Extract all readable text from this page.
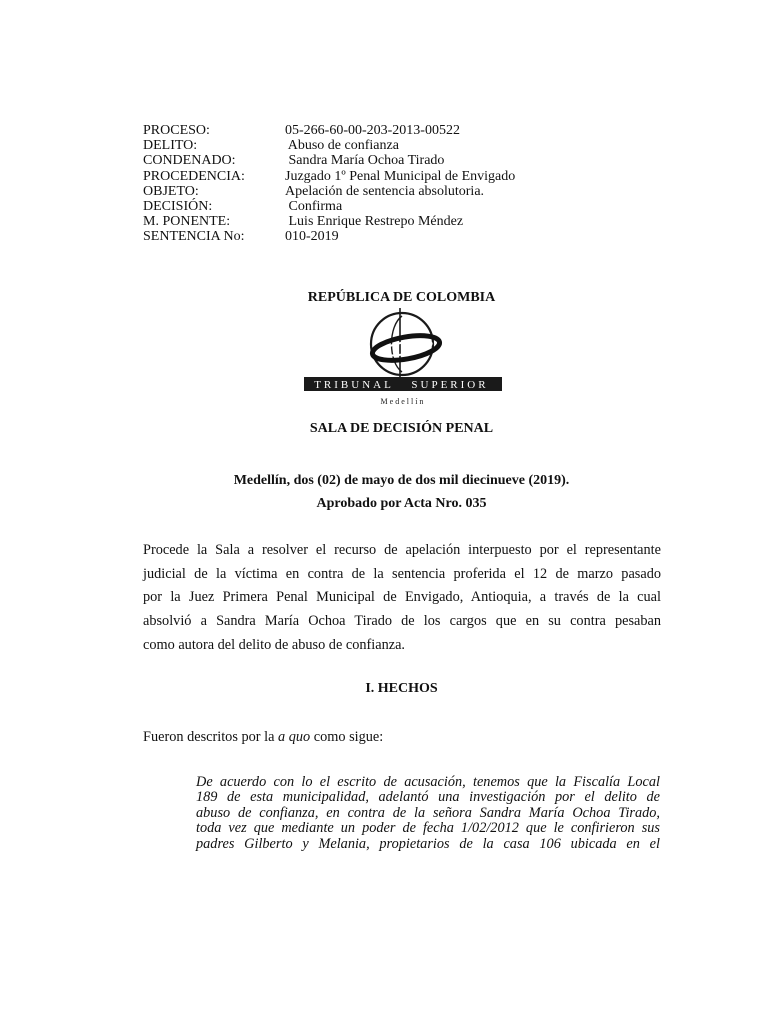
PROCESO:	05-266-60-00-203-2013-00522
DELITO:	Abuso de confianza
CONDENADO:	Sandra María Ochoa Tirado
PROCEDENCIA:	Juzgado 1º Penal Municipal de Envigado
OBJETO:	Apelación de sentencia absolutoria.
DECISIÓN:	Confirma
M. PONENTE:	Luis Enrique Restrepo Méndez
SENTENCIA No:	010-2019
REPÚBLICA DE COLOMBIA
TRIBUNAL SUPERIOR
Medellín
SALA DE DECISIÓN PENAL
Medellín, dos (02) de mayo de dos mil diecinueve (2019).
Aprobado por Acta Nro. 035
Procede la Sala a resolver el recurso de apelación interpuesto por el representante
judicial de la víctima en contra de la sentencia proferida el 12 de marzo pasado
por la Juez Primera Penal Municipal de Envigado, Antioquia, a través de la cual
absolvió a Sandra María Ochoa Tirado de los cargos que en su contra pesaban
como autora del delito de abuso de confianza.
I. HECHOS
Fueron descritos por la a quo como sigue:
De acuerdo con lo el escrito de acusación, tenemos que la Fiscalía Local
189 de esta municipalidad, adelantó una investigación por el delito de
abuso de confianza, en contra de la señora Sandra María Ochoa Tirado,
toda vez que mediante un poder de fecha 1/02/2012 que le confirieron sus
padres Gilberto y Melania, propietarios de la casa 106 ubicada en el
